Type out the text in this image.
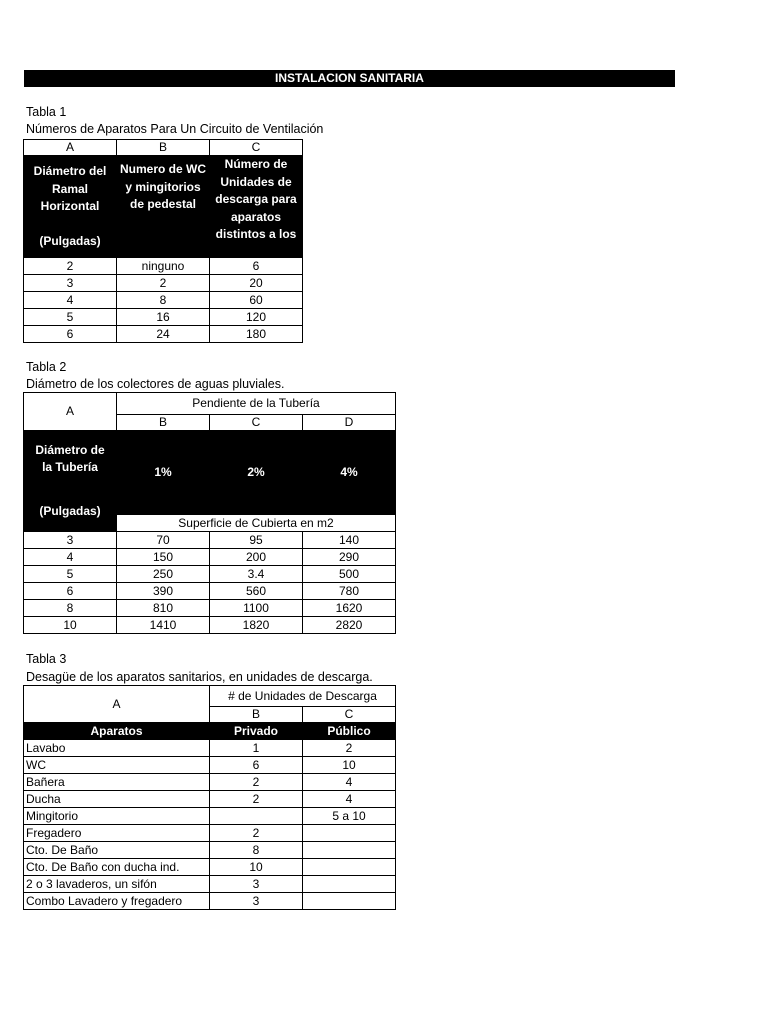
INSTALACION SANITARIA
Tabla 1
Números de Aparatos Para Un Circuito de Ventilación
A	B	C

Diámetro del Ramal Horizontal
(Pulgadas)	Numero de WC y mingitorios de pedestal	Número de Unidades de descarga para aparatos distintos a los
2	ninguno	6
3	2	20
4	8	60
5	16	120
6	24	180
Tabla 2
Diámetro de los colectores de aguas pluviales.
A	Pendiente de la Tubería		
	B	C	D

Diámetro de la Tubería
(Pulgadas)	1%	2%	4%
	Superficie de Cubierta en m2		
3	70	95	140
4	150	200	290
5	250	3.4	500
6	390	560	780
8	810	1100	1620
10	1410	1820	2820
Tabla 3
Desagüe de los aparatos sanitarios, en unidades de descarga.
A	# de Unidades de Descarga	
	B	C
Aparatos	Privado	Público
Lavabo	1	2
WC	6	10
Bañera	2	4
Ducha	2	4
Mingitorio		5 a 10
Fregadero	2	
Cto. De Baño	8	
Cto. De Baño con ducha ind.	10	
2 o 3 lavaderos, un sifón	3	
Combo Lavadero y fregadero	3	
